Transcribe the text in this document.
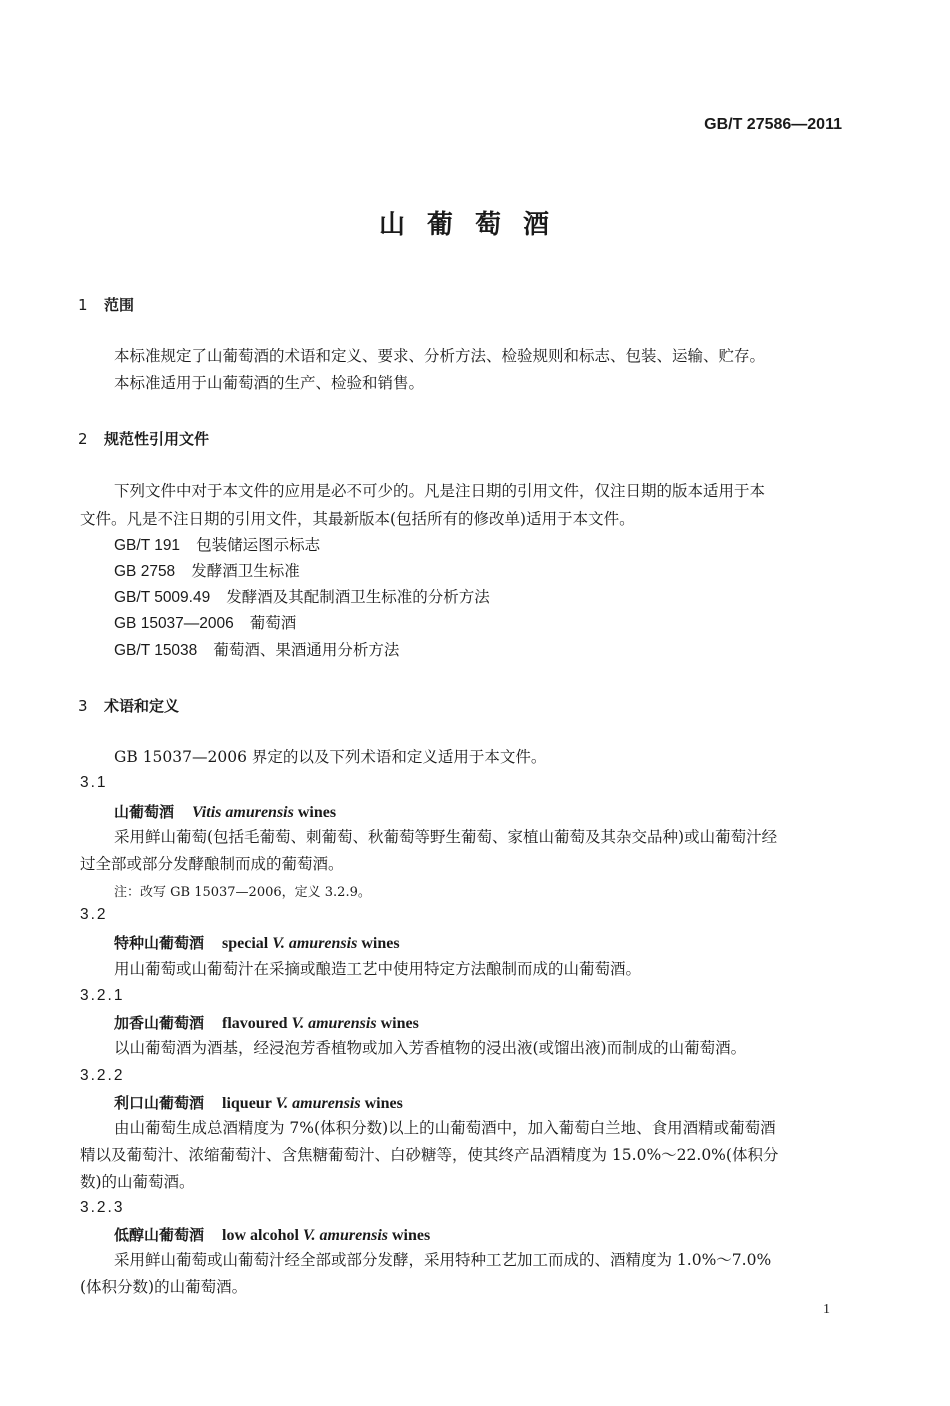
GB/T 27586—2011
山葡萄酒
1 范围
本标准规定了山葡萄酒的术语和定义、要求、分析方法、检验规则和标志、包装、运输、贮存。
本标准适用于山葡萄酒的生产、检验和销售。
2 规范性引用文件
下列文件中对于本文件的应用是必不可少的。凡是注日期的引用文件，仅注日期的版本适用于本
文件。凡是不注日期的引用文件，其最新版本(包括所有的修改单)适用于本文件。
GB/T 191 包装储运图示标志
GB 2758 发酵酒卫生标准
GB/T 5009.49 发酵酒及其配制酒卫生标准的分析方法
GB 15037—2006 葡萄酒
GB/T 15038 葡萄酒、果酒通用分析方法
3 术语和定义
GB 15037—2006 界定的以及下列术语和定义适用于本文件。
3.1
山葡萄酒 Vitis amurensis wines
采用鲜山葡萄(包括毛葡萄、刺葡萄、秋葡萄等野生葡萄、家植山葡萄及其杂交品种)或山葡萄汁经
过全部或部分发酵酿制而成的葡萄酒。
注：改写 GB 15037—2006，定义 3.2.9。
3.2
特种山葡萄酒 special V. amurensis wines
用山葡萄或山葡萄汁在采摘或酿造工艺中使用特定方法酿制而成的山葡萄酒。
3.2.1
加香山葡萄酒 flavoured V. amurensis wines
以山葡萄酒为酒基，经浸泡芳香植物或加入芳香植物的浸出液(或馏出液)而制成的山葡萄酒。
3.2.2
利口山葡萄酒 liqueur V. amurensis wines
由山葡萄生成总酒精度为 7%(体积分数)以上的山葡萄酒中，加入葡萄白兰地、食用酒精或葡萄酒
精以及葡萄汁、浓缩葡萄汁、含焦糖葡萄汁、白砂糖等，使其终产品酒精度为 15.0%～22.0%(体积分
数)的山葡萄酒。
3.2.3
低醇山葡萄酒 low alcohol V. amurensis wines
采用鲜山葡萄或山葡萄汁经全部或部分发酵，采用特种工艺加工而成的、酒精度为 1.0%～7.0%
(体积分数)的山葡萄酒。
1
